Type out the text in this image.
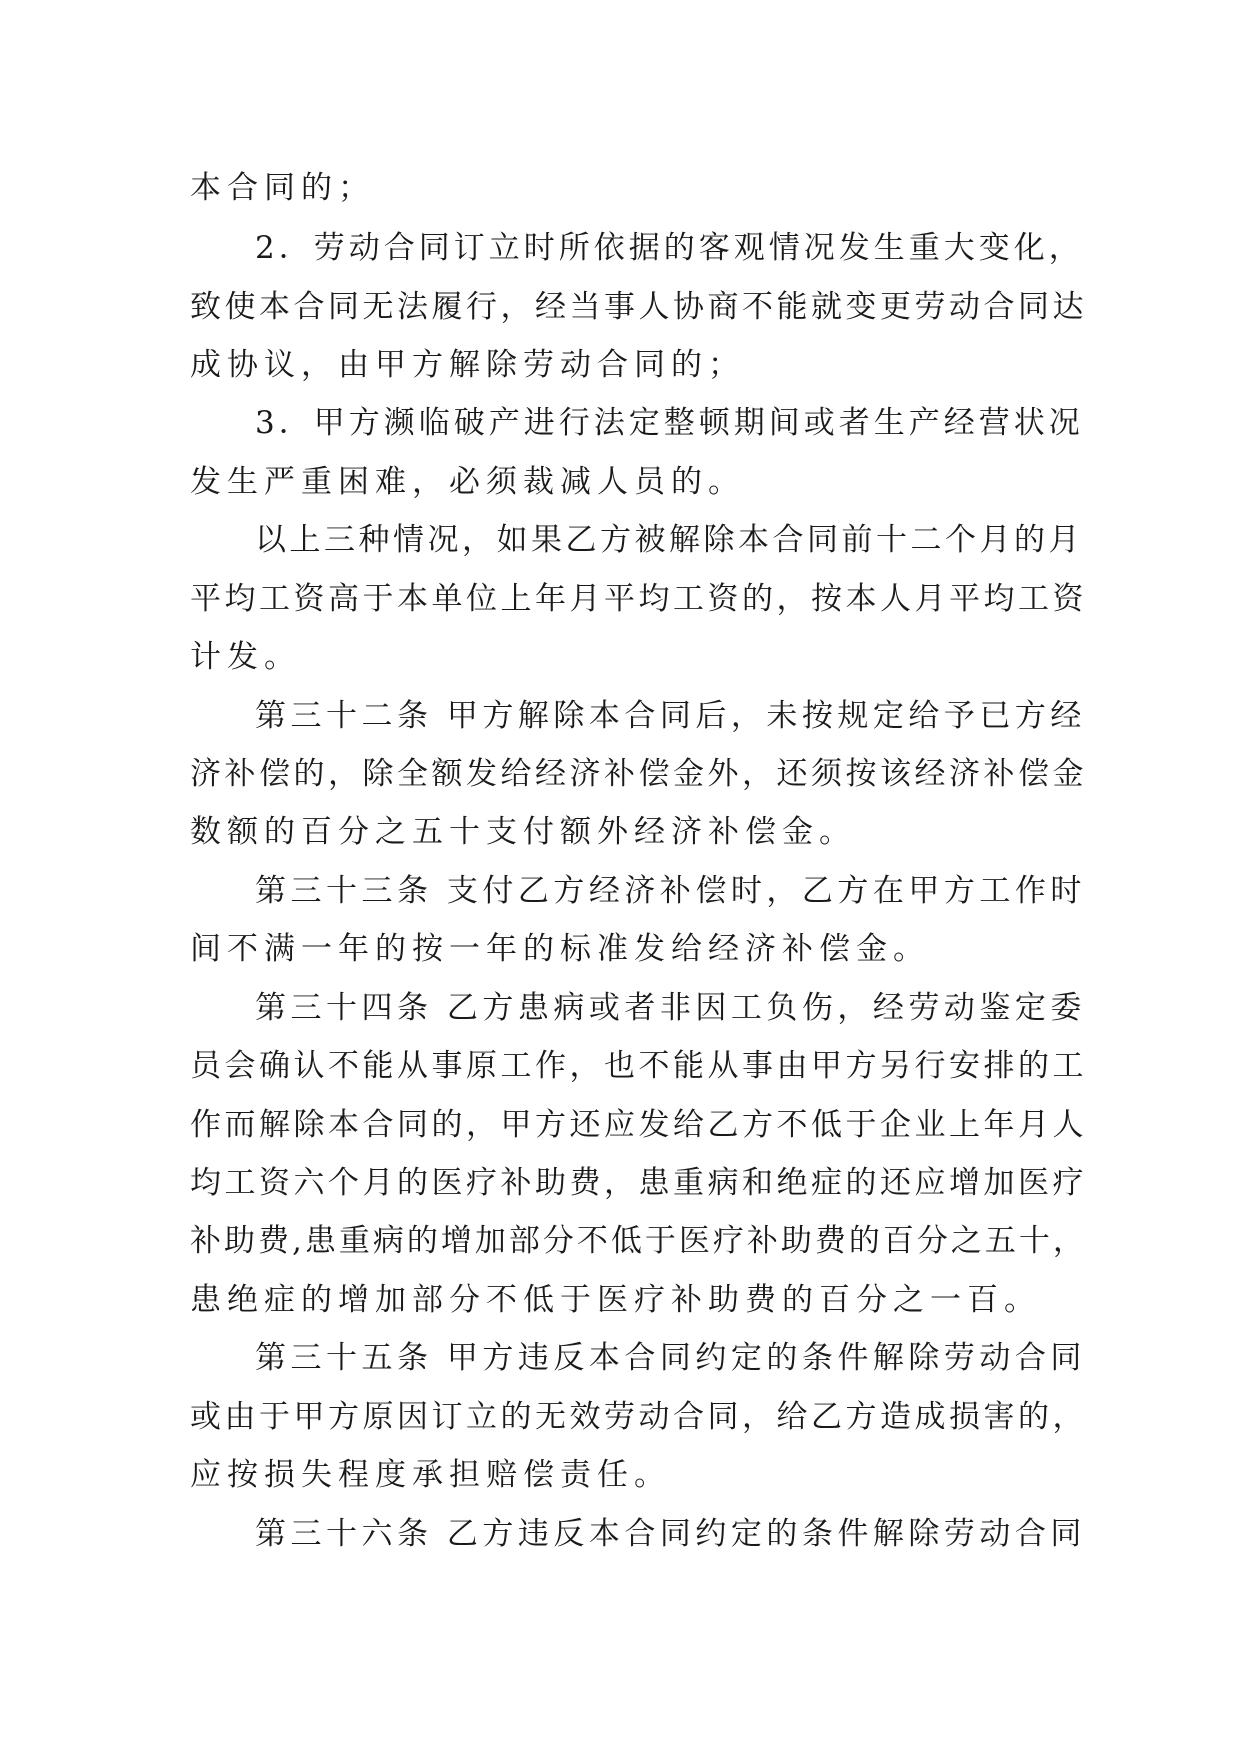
本合同的；
2．劳动合同订立时所依据的客观情况发生重大变化，
致使本合同无法履行，经当事人协商不能就变更劳动合同达
成协议，由甲方解除劳动合同的；
3．甲方濒临破产进行法定整顿期间或者生产经营状况
发生严重困难，必须裁减人员的。
以上三种情况，如果乙方被解除本合同前十二个月的月
平均工资高于本单位上年月平均工资的，按本人月平均工资
计发。
第三十二条 甲方解除本合同后，未按规定给予已方经
济补偿的，除全额发给经济补偿金外，还须按该经济补偿金
数额的百分之五十支付额外经济补偿金。
第三十三条 支付乙方经济补偿时，乙方在甲方工作时
间不满一年的按一年的标准发给经济补偿金。
第三十四条 乙方患病或者非因工负伤，经劳动鉴定委
员会确认不能从事原工作，也不能从事由甲方另行安排的工
作而解除本合同的，甲方还应发给乙方不低于企业上年月人
均工资六个月的医疗补助费，患重病和绝症的还应增加医疗
补助费,患重病的增加部分不低于医疗补助费的百分之五十，
患绝症的增加部分不低于医疗补助费的百分之一百。
第三十五条 甲方违反本合同约定的条件解除劳动合同
或由于甲方原因订立的无效劳动合同，给乙方造成损害的，
应按损失程度承担赔偿责任。
第三十六条 乙方违反本合同约定的条件解除劳动合同
